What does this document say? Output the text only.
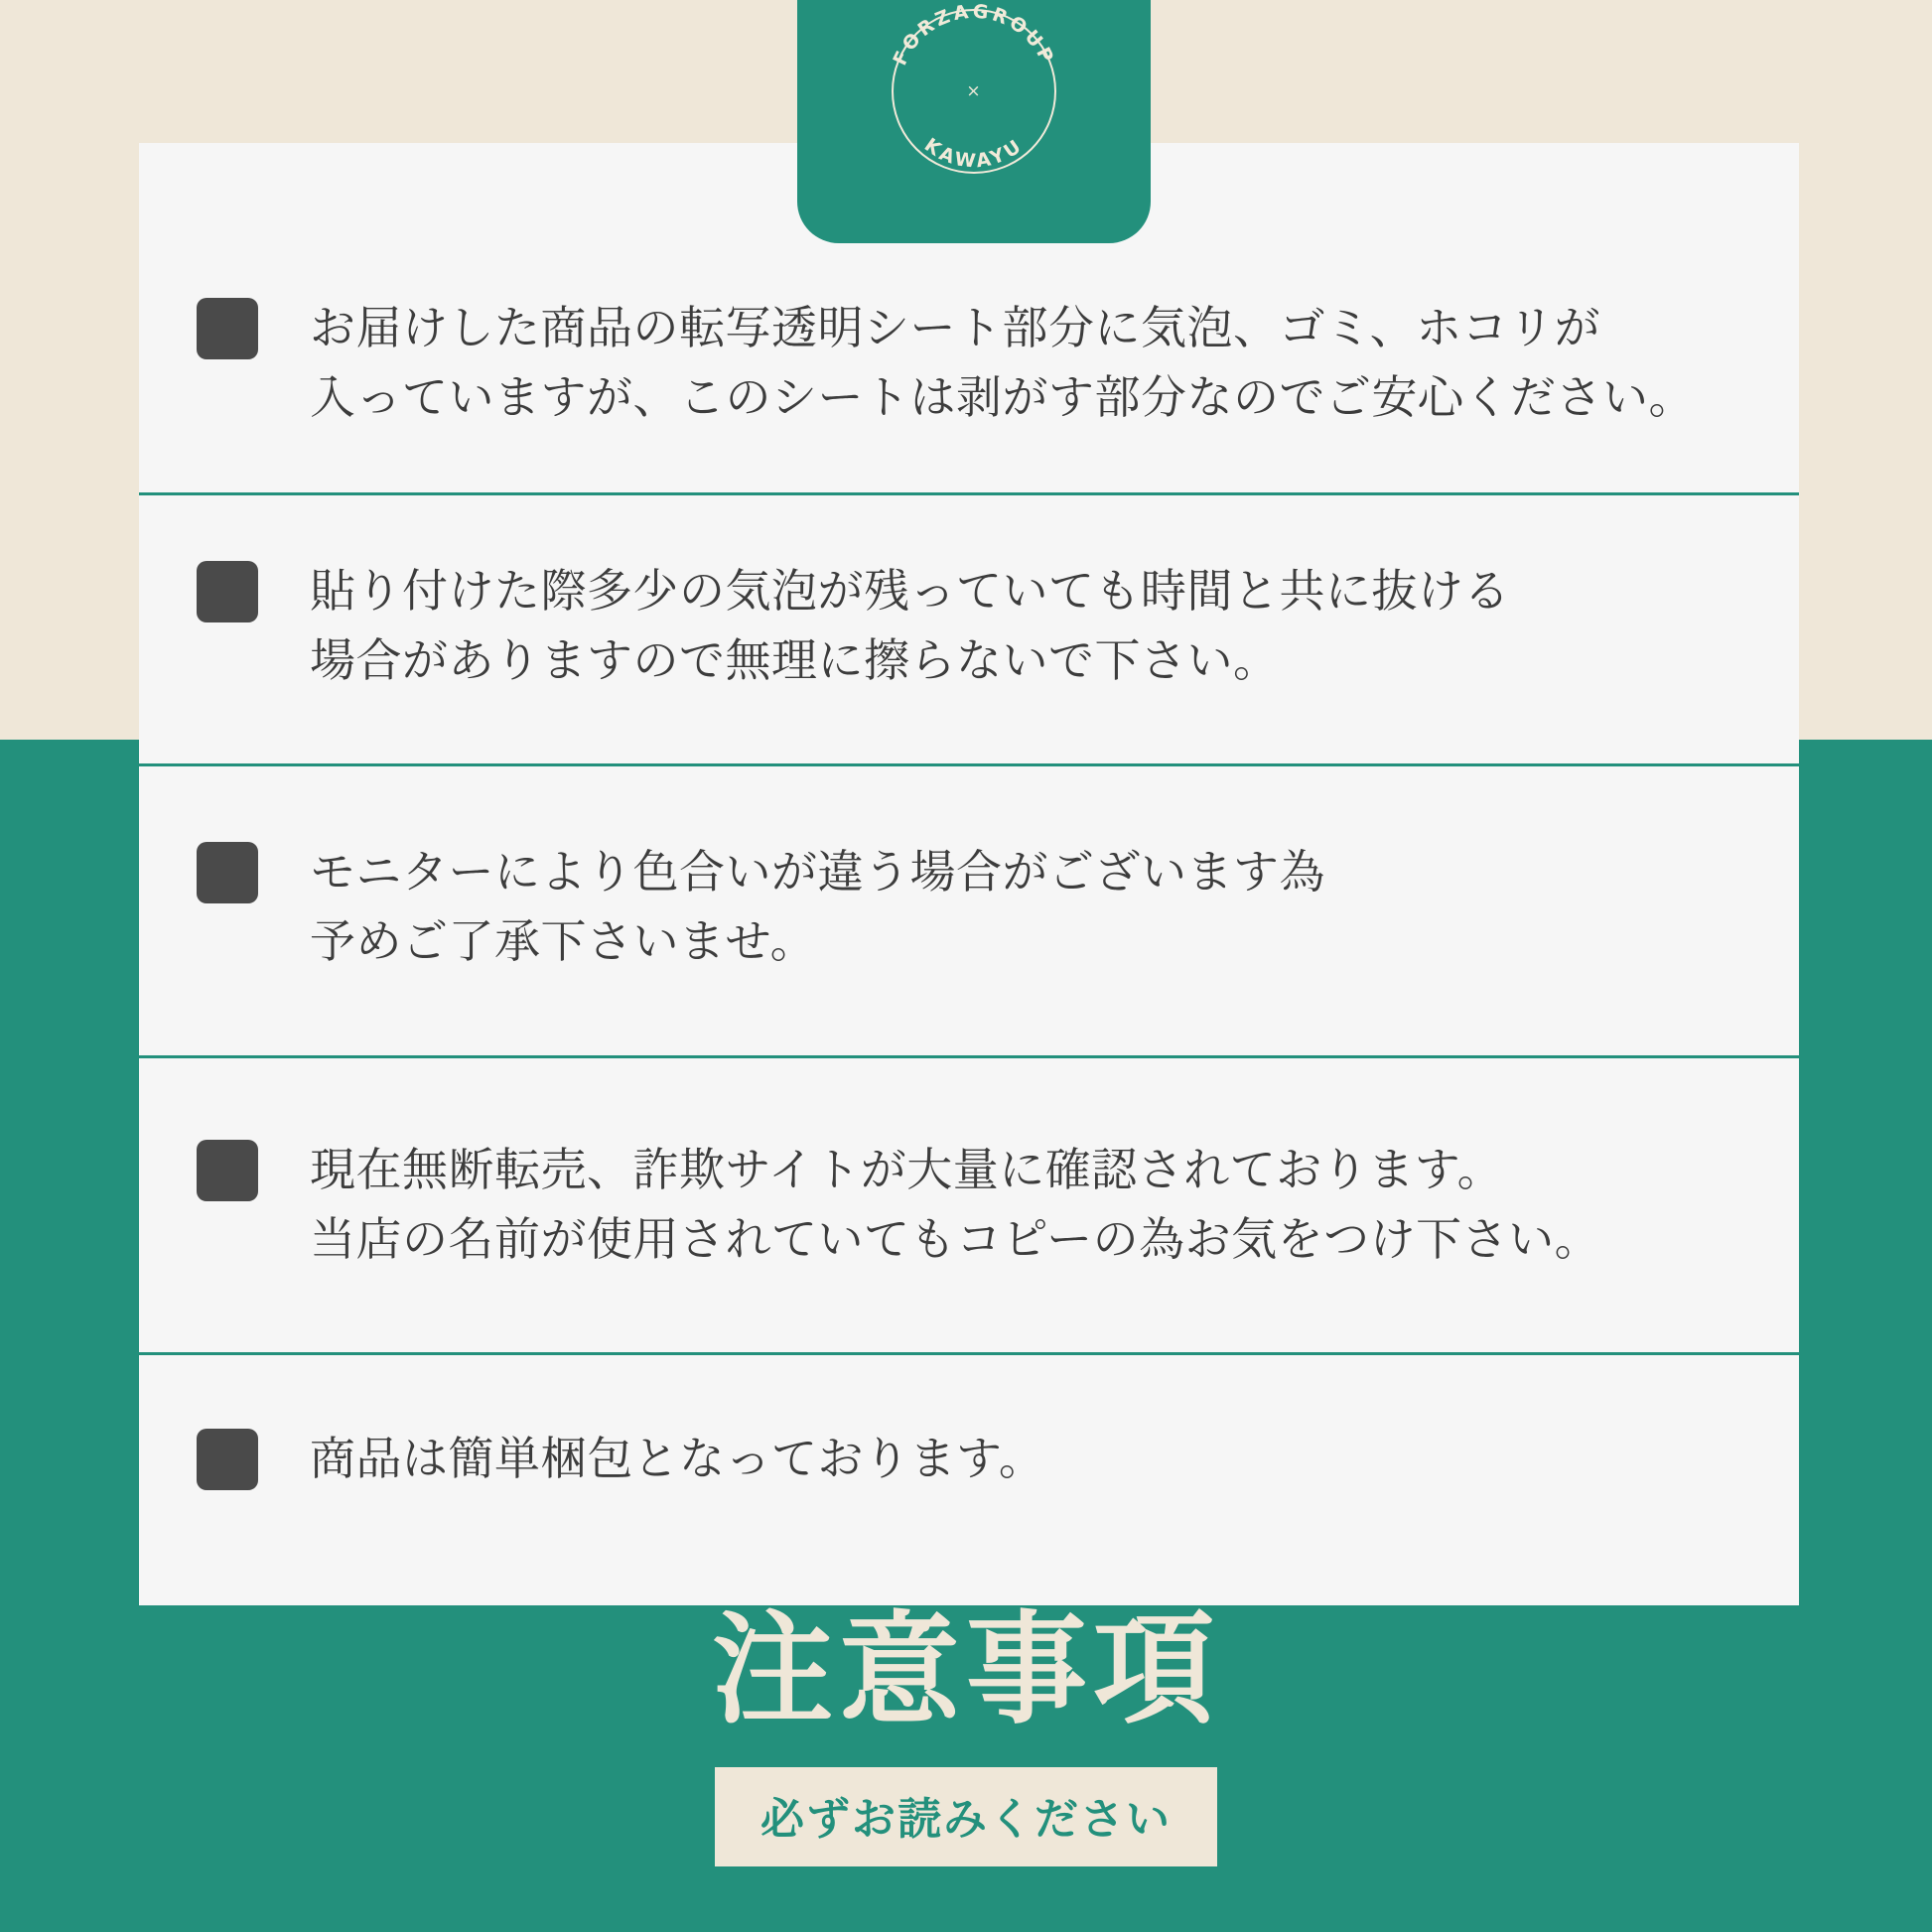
FORZAGROUP
KAWAYU
×
お届けした商品の転写透明シート部分に気泡、ゴミ、ホコリが
入っていますが、このシートは剥がす部分なのでご安心ください。
貼り付けた際多少の気泡が残っていても時間と共に抜ける
場合がありますので無理に擦らないで下さい。
モニターにより色合いが違う場合がございます為
予めご了承下さいませ。
現在無断転売、詐欺サイトが大量に確認されております。
当店の名前が使用されていてもコピーの為お気をつけ下さい。
商品は簡単梱包となっております。
注意事項
必ずお読みください
